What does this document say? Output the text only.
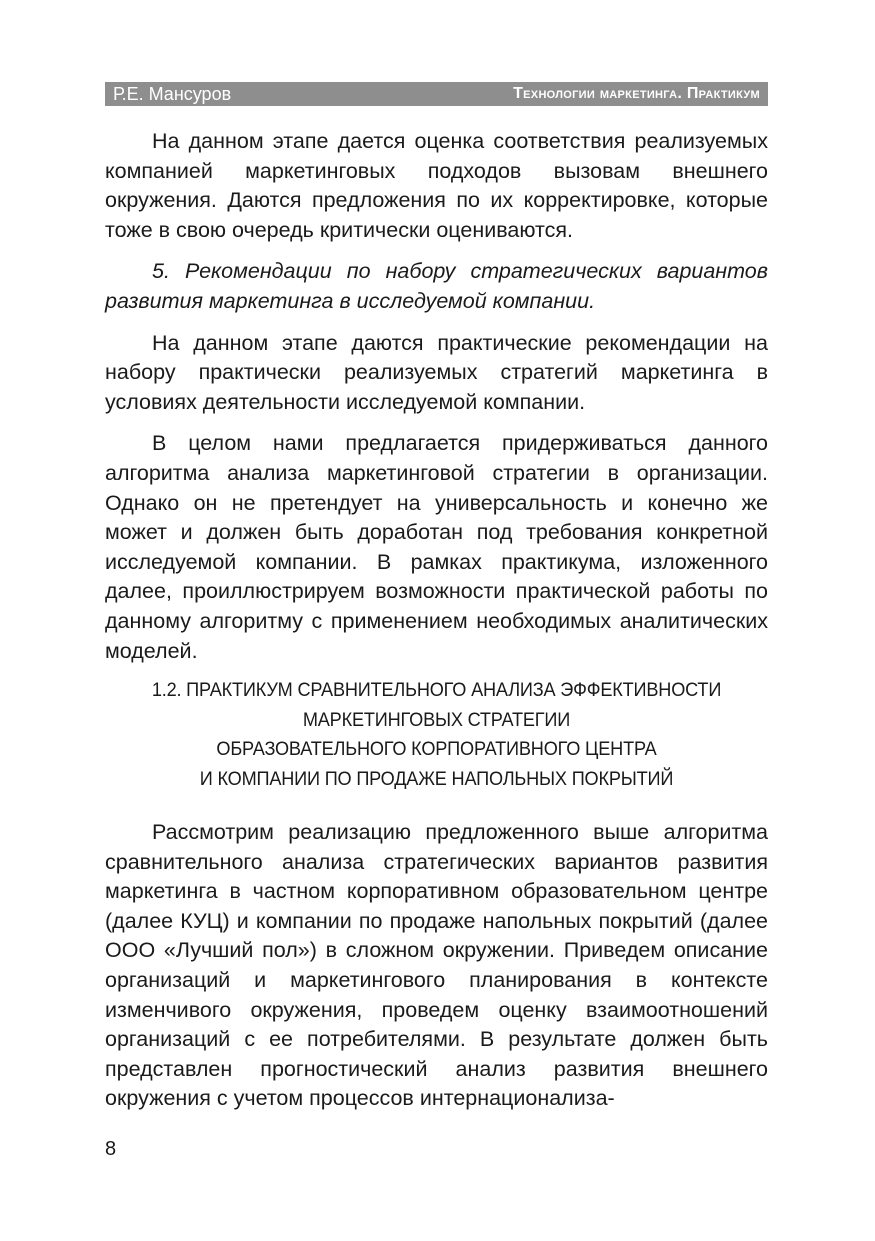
Р.Е. Мансуров	Технологии маркетинга. Практикум

На данном этапе дается оценка соответствия реализуемых компанией маркетинговых подходов вызовам внешнего окружения. Даются предложения по их корректировке, которые тоже в свою очередь критически оцениваются.

5. Рекомендации по набору стратегических вариантов развития маркетинга в исследуемой компании.

На данном этапе даются практические рекомендации на набору практически реализуемых стратегий маркетинга в условиях деятельности исследуемой компании.

В целом нами предлагается придерживаться данного алгоритма анализа маркетинговой стратегии в организации. Однако он не претендует на универсальность и конечно же может и должен быть доработан под требования конкретной исследуемой компании. В рамках практикума, изложенного далее, проиллюстрируем возможности практической работы по данному алгоритму с применением необходимых аналитических моделей.

1.2. ПРАКТИКУМ СРАВНИТЕЛЬНОГО АНАЛИЗА ЭФФЕКТИВНОСТИ
МАРКЕТИНГОВЫХ СТРАТЕГИИ
ОБРАЗОВАТЕЛЬНОГО КОРПОРАТИВНОГО ЦЕНТРА
И КОМПАНИИ ПО ПРОДАЖЕ НАПОЛЬНЫХ ПОКРЫТИЙ

Рассмотрим реализацию предложенного выше алгоритма сравнительного анализа стратегических вариантов развития маркетинга в частном корпоративном образовательном центре (далее КУЦ) и компании по продаже напольных покрытий (далее ООО «Лучший пол») в сложном окружении. Приведем описание организаций и маркетингового планирования в контексте изменчивого окружения, проведем оценку взаимоотношений организаций с ее потребителями. В результате должен быть представлен прогностический анализ развития внешнего окружения с учетом процессов интернационализа-

8
